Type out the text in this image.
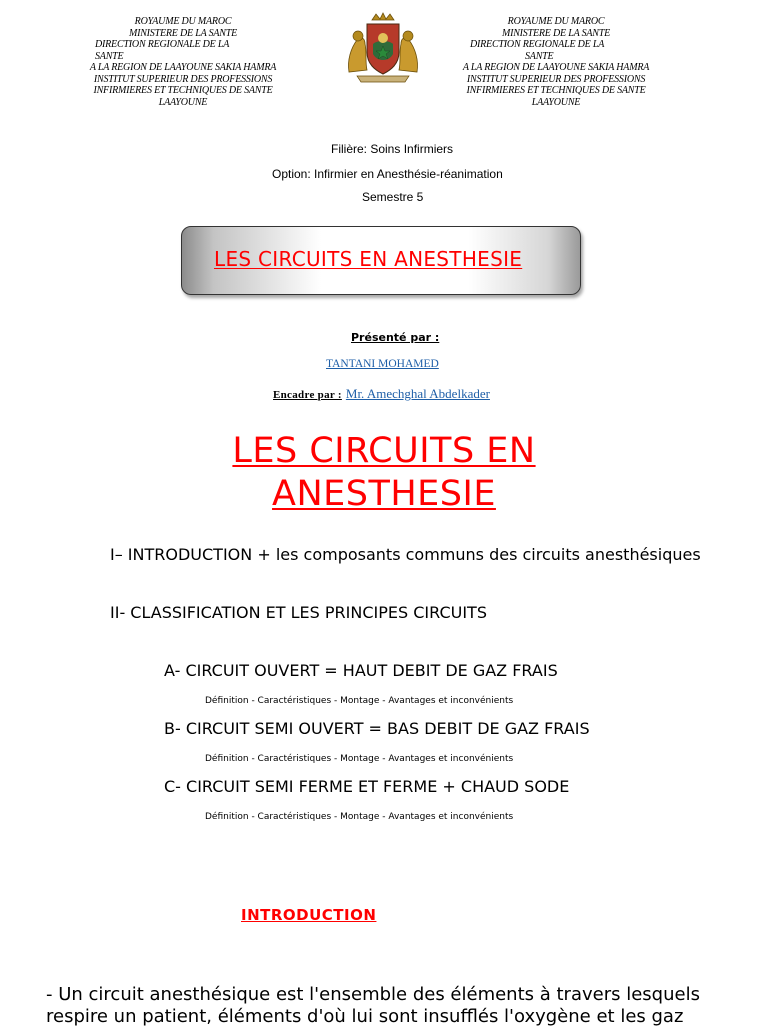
ROYAUME DU MAROC
MINISTERE DE LA SANTE
DIRECTION REGIONALE DE LA
SANTE
A LA REGION DE LAAYOUNE SAKIA HAMRA
INSTITUT SUPERIEUR DES PROFESSIONS
INFIRMIERES ET TECHNIQUES DE SANTE
LAAYOUNE
ROYAUME DU MAROC
MINISTERE DE LA SANTE
DIRECTION REGIONALE DE LA
SANTE
A LA REGION DE LAAYOUNE SAKIA HAMRA
INSTITUT SUPERIEUR DES PROFESSIONS
INFIRMIERES ET TECHNIQUES DE SANTE
LAAYOUNE
Filière: Soins Infirmiers
Option: Infirmier en Anesthésie-réanimation
Semestre 5
LES CIRCUITS EN ANESTHESIE
Présenté par :
TANTANI MOHAMED
Encadre par : Mr. Amechghal Abdelkader
LES CIRCUITS EN
ANESTHESIE
I– INTRODUCTION + les composants communs des circuits anesthésiques
II- CLASSIFICATION ET LES PRINCIPES CIRCUITS
A- CIRCUIT OUVERT = HAUT DEBIT DE GAZ FRAIS
Définition - Caractéristiques - Montage - Avantages et inconvénients
B- CIRCUIT SEMI OUVERT = BAS DEBIT DE GAZ FRAIS
Définition - Caractéristiques - Montage - Avantages et inconvénients
C- CIRCUIT SEMI FERME ET FERME + CHAUD SODE
Définition - Caractéristiques - Montage - Avantages et inconvénients
INTRODUCTION
- Un circuit anesthésique est l'ensemble des éléments à travers lesquels
respire un patient, éléments d'où lui sont insufflés l'oxygène et les gaz
